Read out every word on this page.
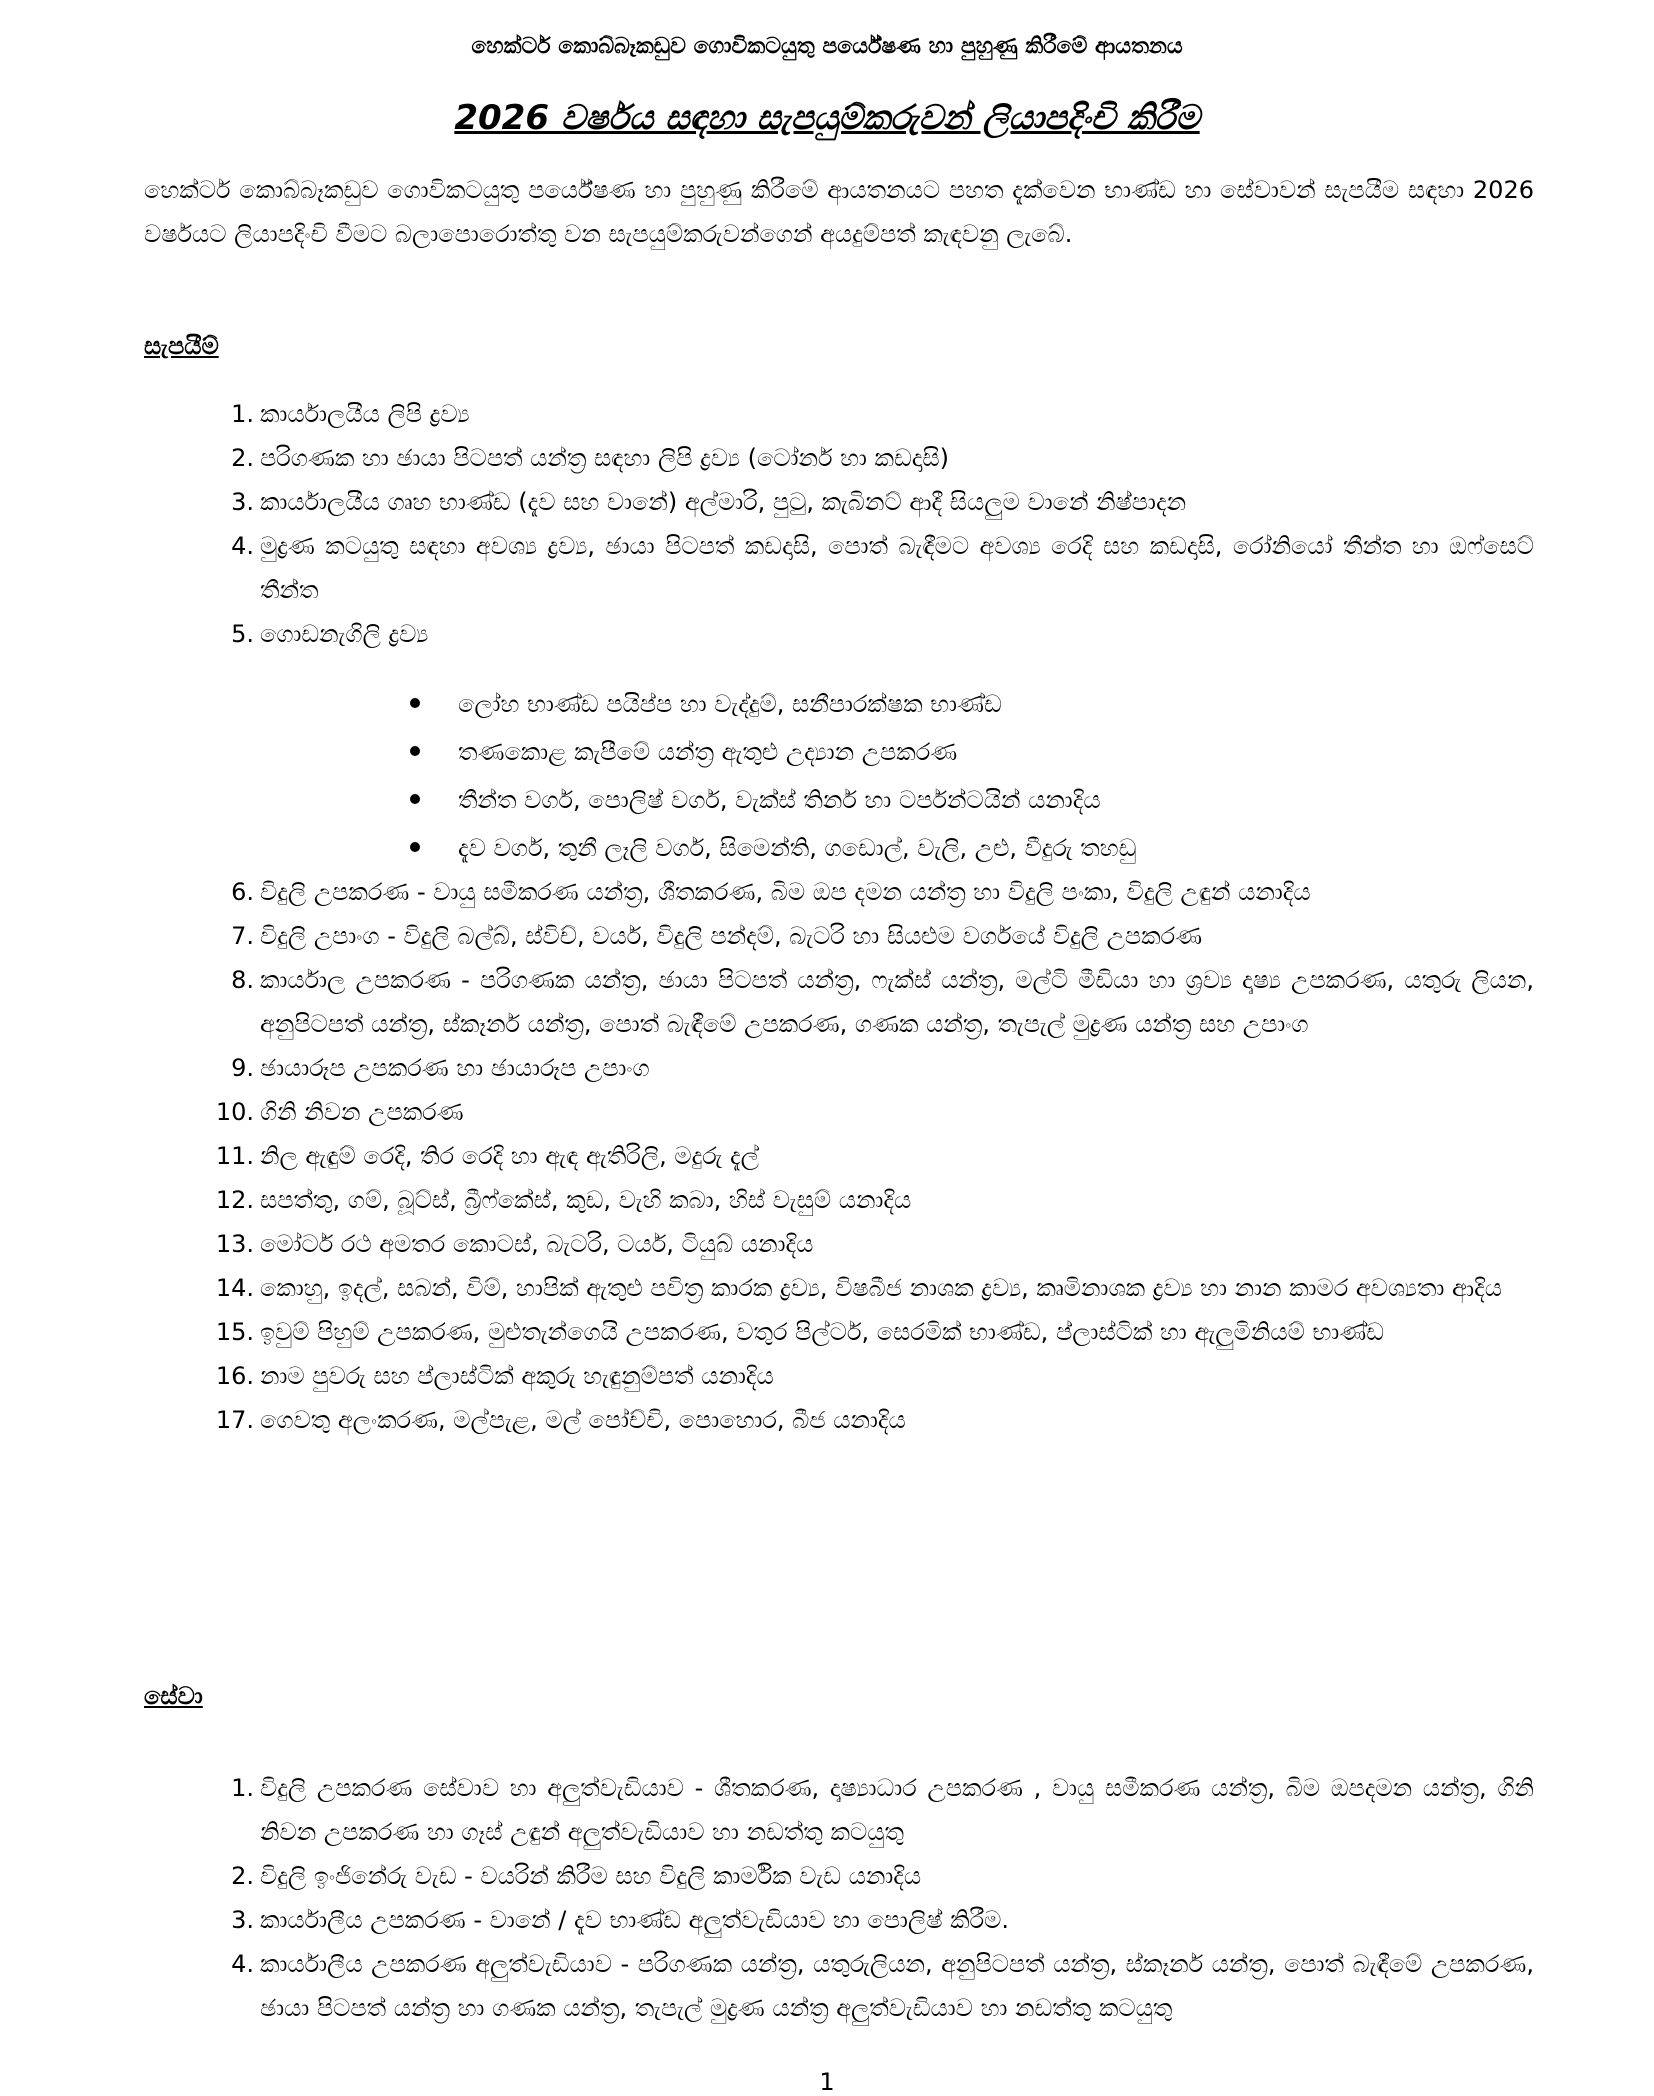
හෙක්ටර් කොබ්බෑකඩුව ගොවිකටයුතු පර්යේෂණ හා පුහුණු කිරීමේ ආයතනය
2026 වර්ෂය සඳහා සැපයුම්කරුවන් ලියාපදිංචි කිරීම
හෙක්ටර් කොබ්බෑකඩුව ගොවිකටයුතු පර්යේෂණ හා පුහුණු කිරීමේ ආයතනයට පහත දැක්වෙන භාණ්ඩ හා සේවාවන් සැපයීම සඳහා 2026 වර්ෂයට ලියාපදිංචි වීමට බලාපොරොත්තු වන සැපයුම්කරුවන්ගෙන් අයදුම්පත් කැඳවනු ලැබේ.
සැපයීම්
1. කාර්යාලයීය ලිපි ද්‍රව්‍ය
2. පරිගණක හා ඡායා පිටපත් යන්ත්‍ර සඳහා ලිපි ද්‍රව්‍ය (ටෝනර් හා කඩදාසි)
3. කාර්යාලයීය ගෘහ භාණ්ඩ (දැව සහ වානේ) අල්මාරි, පුටු, කැබිනට් ආදී සියලුම වානේ නිෂ්පාදන
4. මුද්‍රණ කටයුතු සඳහා අවශ්‍ය ද්‍රව්‍ය, ඡායා පිටපත් කඩදාසි, පොත් බැඳීමට අවශ්‍ය රෙදි සහ කඩදාසි, රෝනියෝ තීන්ත හා ඔෆ්සෙට් තීන්ත
5. ගොඩනැගිලි ද්‍රව්‍ය
ලෝහ භාණ්ඩ පයිප්ප හා වැද්දුම්, සනීපාරක්ෂක භාණ්ඩ
තණකොළ කැපීමේ යන්ත්‍ර ඇතුළු උද්‍යාන උපකරණ
තීන්ත වර්ග, පොලිෂ් වර්ග, වැක්ස් තිනර් හා ටර්පන්ටයින් යනාදිය
දැව වර්ග, තුනී ලෑලි වර්ග, සිමෙන්ති, ගඩොල්, වැලි, උළු, වීදුරු තහඩු
6. විදුලි උපකරණ - වායු සමීකරණ යන්ත්‍ර, ශීතකරණ, බිම ඔප දමන යන්ත්‍ර හා විදුලි පංකා, විදුලි උඳුන් යනාදිය
7. විදුලි උපාංග - විදුලි බල්බ්, ස්විච්, වයර්, විදුලි පන්දම්, බැටරි හා සියළුම වර්ගයේ විදුලි උපකරණ
8. කාර්යාල උපකරණ - පරිගණක යන්ත්‍ර, ඡායා පිටපත් යන්ත්‍ර, ෆැක්ස් යන්ත්‍ර, මල්ටි මීඩියා හා ශ්‍රව්‍ය දෘෂ්‍ය උපකරණ, යතුරු ලියන, අනුපිටපත් යන්ත්‍ර, ස්කෑනර් යන්ත්‍ර, පොත් බැඳීමේ උපකරණ, ගණක යන්ත්‍ර, තැපැල් මුද්‍රණ යන්ත්‍ර සහ උපාංග
9. ඡායාරූප උපකරණ හා ඡායාරූප උපාංග
10. ගිනි නිවන උපකරණ
11. නිල ඇඳුම් රෙදි, තිර රෙදි හා ඇඳ ඇතිරිලි, මදුරු දැල්
12. සපත්තු, ගම්, බූට්ස්, බ්‍රීෆ්කේස්, කුඩ, වැහි කබා, හිස් වැසුම් යනාදිය
13. මෝටර් රථ අමතර කොටස්, බැටරි, ටයර්, ටියුබ් යනාදිය
14. කොහු, ඉදල්, සබන්, විම්, හාපික් ඇතුළු පවිත්‍ර කාරක ද්‍රව්‍ය, විෂබීජ නාශක ද්‍රව්‍ය, කෘමිනාශක ද්‍රව්‍ය හා නාන කාමර අවශ්‍යතා ආදිය
15. ඉවුම් පිහුම් උපකරණ, මුළුතැන්ගෙයි උපකරණ, වතුර පිල්ටර්, සෙරමික් භාණ්ඩ, ප්ලාස්ටික් හා ඇලුමිනියම් භාණ්ඩ
16. නාම පුවරු සහ ප්ලාස්ටික් අකුරු හැඳුනුම්පත් යනාදිය
17. ගෙවතු අලංකරණ, මල්පැළ, මල් පෝච්චි, පොහොර, බීජ යනාදිය
සේවා
1. විදුලි උපකරණ සේවාව හා අලුත්වැඩියාව - ශීතකරණ, දෘෂ්‍යාධාර උපකරණ , වායු සමීකරණ යන්ත්‍ර, බිම ඔපදමන යන්ත්‍ර, ගිනි නිවන උපකරණ හා ගෑස් උඳුන් අලුත්වැඩියාව හා නඩත්තු කටයුතු
2. විදුලි ඉංජිනේරු වැඩ - වයරින් කිරීම සහ විදුලි කාර්මික වැඩ යනාදිය
3. කාර්යාලීය උපකරණ - වානේ / දැව භාණ්ඩ අලුත්වැඩියාව හා පොලිෂ් කිරීම.
4. කාර්යාලීය උපකරණ අලුත්වැඩියාව - පරිගණක යන්ත්‍ර, යතුරුලියන, අනුපිටපත් යන්ත්‍ර, ස්කෑනර් යන්ත්‍ර, පොත් බැඳීමේ උපකරණ, ඡායා පිටපත් යන්ත්‍ර හා ගණක යන්ත්‍ර, තැපැල් මුද්‍රණ යන්ත්‍ර අලුත්වැඩියාව හා නඩත්තු කටයුතු
1
